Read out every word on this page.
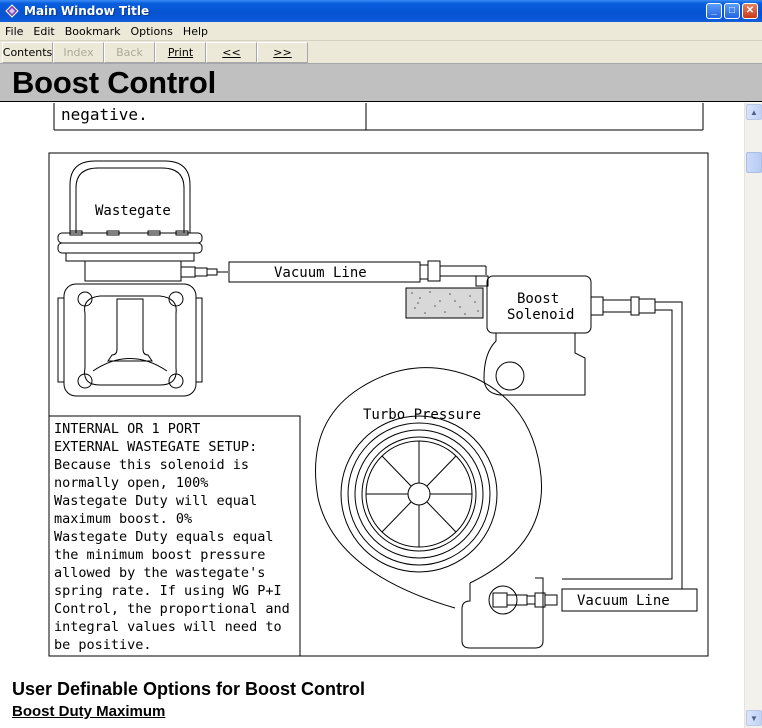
Main Window Title	_ □ ✕
File Edit Bookmark Options Help
Contents Index Back Print	<<	>>
Boost Control
negative.
Wastegate
Vacuum Line
Boost
Solenoid
Turbo Pressure
Vacuum Line
INTERNAL OR 1 PORT
EXTERNAL WASTEGATE SETUP:
Because this solenoid is
normally open, 100%
Wastegate Duty will equal
maximum boost. 0%
Wastegate Duty equals equal
the minimum boost pressure
allowed by the wastegate's
spring rate. If using WG P+I
Control, the proportional and
integral values will need to
be positive.
User Definable Options for Boost Control
Boost Duty Maximum
▲
▼
